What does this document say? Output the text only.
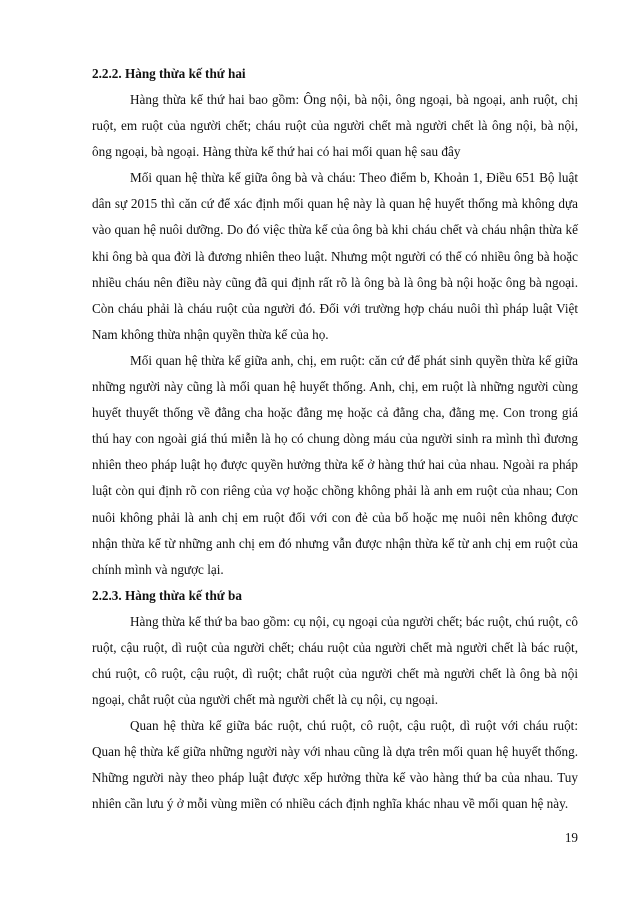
2.2.2. Hàng thừa kế thứ hai

Hàng thừa kế thứ hai bao gồm: Ông nội, bà nội, ông ngoại, bà ngoại, anh ruột, chị ruột, em ruột của người chết; cháu ruột của người chết mà người chết là ông nội, bà nội, ông ngoại, bà ngoại. Hàng thừa kế thứ hai có hai mối quan hệ sau đây

Mối quan hệ thừa kế giữa ông bà và cháu: Theo điểm b, Khoản 1, Điều 651 Bộ luật dân sự 2015 thì căn cứ để xác định mối quan hệ này là quan hệ huyết thống mà không dựa vào quan hệ nuôi dưỡng. Do đó việc thừa kế của ông bà khi cháu chết và cháu nhận thừa kế khi ông bà qua đời là đương nhiên theo luật. Nhưng một người có thể có nhiều ông bà hoặc nhiều cháu nên điều này cũng đã qui định rất rõ là ông bà là ông bà nội hoặc ông bà ngoại. Còn cháu phải là cháu ruột của người đó. Đối với trường hợp cháu nuôi thì pháp luật Việt Nam không thừa nhận quyền thừa kế của họ.

Mối quan hệ thừa kế giữa anh, chị, em ruột: căn cứ để phát sinh quyền thừa kế giữa những người này cũng là mối quan hệ huyết thống. Anh, chị, em ruột là những người cùng huyết thuyết thống về đằng cha hoặc đằng mẹ hoặc cả đằng cha, đằng mẹ. Con trong giá thú hay con ngoài giá thú miễn là họ có chung dòng máu của người sinh ra mình thì đương nhiên theo pháp luật họ được quyền hưởng thừa kế ở hàng thứ hai của nhau. Ngoài ra pháp luật còn qui định rõ con riêng của vợ hoặc chồng không phải là anh em ruột của nhau; Con nuôi không phải là anh chị em ruột đối với con đẻ của bố hoặc mẹ nuôi nên không được nhận thừa kế từ những anh chị em đó nhưng vẫn được nhận thừa kế từ anh chị em ruột của chính mình và ngược lại.

2.2.3. Hàng thừa kế thứ ba

Hàng thừa kế thứ ba bao gồm: cụ nội, cụ ngoại của người chết; bác ruột, chú ruột, cô ruột, cậu ruột, dì ruột của người chết; cháu ruột của người chết mà người chết là bác ruột, chú ruột, cô ruột, cậu ruột, dì ruột; chắt ruột của người chết mà người chết là ông bà nội ngoại, chắt ruột của người chết mà người chết là cụ nội, cụ ngoại.

Quan hệ thừa kế giữa bác ruột, chú ruột, cô ruột, cậu ruột, dì ruột với cháu ruột: Quan hệ thừa kế giữa những người này với nhau cũng là dựa trên mối quan hệ huyết thống. Những người này theo pháp luật được xếp hưởng thừa kế vào hàng thứ ba của nhau. Tuy nhiên cần lưu ý ở mỗi vùng miền có nhiều cách định nghĩa khác nhau về mối quan hệ này.

19
